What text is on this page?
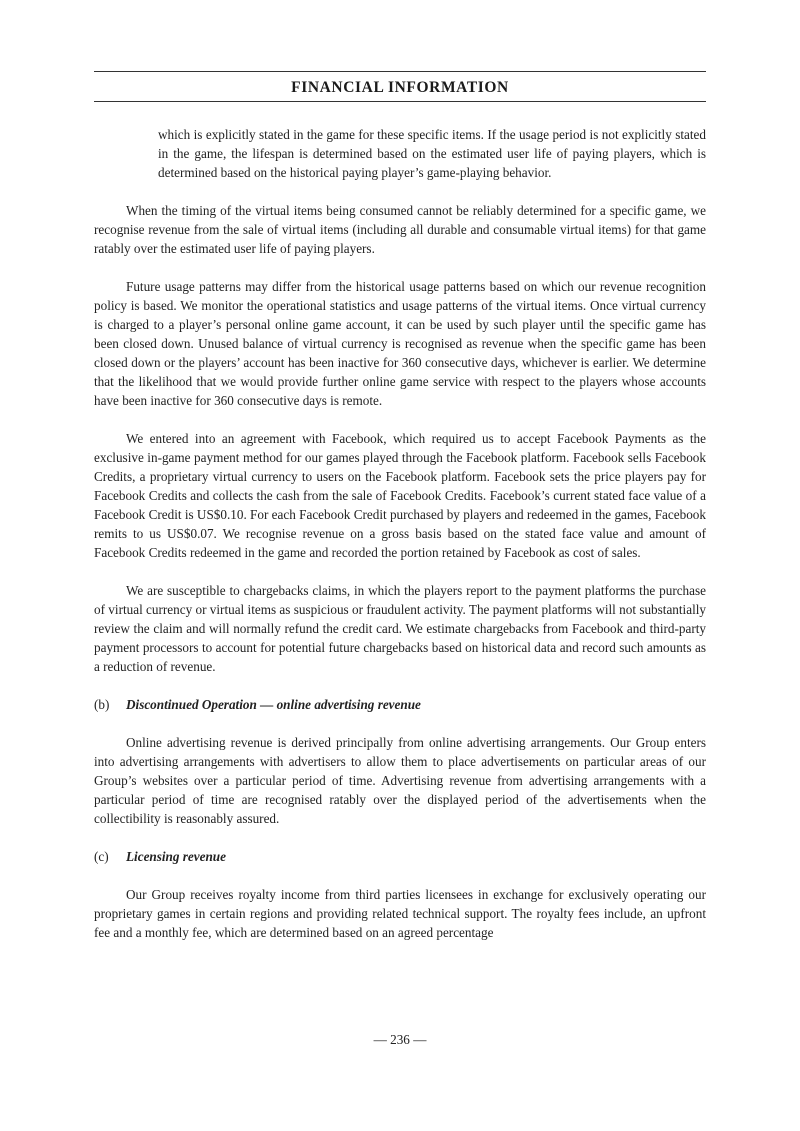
FINANCIAL INFORMATION

which is explicitly stated in the game for these specific items. If the usage period is not explicitly stated in the game, the lifespan is determined based on the estimated user life of paying players, which is determined based on the historical paying player’s game-playing behavior.

When the timing of the virtual items being consumed cannot be reliably determined for a specific game, we recognise revenue from the sale of virtual items (including all durable and consumable virtual items) for that game ratably over the estimated user life of paying players.

Future usage patterns may differ from the historical usage patterns based on which our revenue recognition policy is based. We monitor the operational statistics and usage patterns of the virtual items. Once virtual currency is charged to a player’s personal online game account, it can be used by such player until the specific game has been closed down. Unused balance of virtual currency is recognised as revenue when the specific game has been closed down or the players’ account has been inactive for 360 consecutive days, whichever is earlier. We determine that the likelihood that we would provide further online game service with respect to the players whose accounts have been inactive for 360 consecutive days is remote.

We entered into an agreement with Facebook, which required us to accept Facebook Payments as the exclusive in-game payment method for our games played through the Facebook platform. Facebook sells Facebook Credits, a proprietary virtual currency to users on the Facebook platform. Facebook sets the price players pay for Facebook Credits and collects the cash from the sale of Facebook Credits. Facebook’s current stated face value of a Facebook Credit is US$0.10. For each Facebook Credit purchased by players and redeemed in the games, Facebook remits to us US$0.07. We recognise revenue on a gross basis based on the stated face value and amount of Facebook Credits redeemed in the game and recorded the portion retained by Facebook as cost of sales.

We are susceptible to chargebacks claims, in which the players report to the payment platforms the purchase of virtual currency or virtual items as suspicious or fraudulent activity. The payment platforms will not substantially review the claim and will normally refund the credit card. We estimate chargebacks from Facebook and third-party payment processors to account for potential future chargebacks based on historical data and record such amounts as a reduction of revenue.

(b)	Discontinued Operation — online advertising revenue

Online advertising revenue is derived principally from online advertising arrangements. Our Group enters into advertising arrangements with advertisers to allow them to place advertisements on particular areas of our Group’s websites over a particular period of time. Advertising revenue from advertising arrangements with a particular period of time are recognised ratably over the displayed period of the advertisements when the collectibility is reasonably assured.

(c)	Licensing revenue

Our Group receives royalty income from third parties licensees in exchange for exclusively operating our proprietary games in certain regions and providing related technical support. The royalty fees include, an upfront fee and a monthly fee, which are determined based on an agreed percentage

— 236 —
